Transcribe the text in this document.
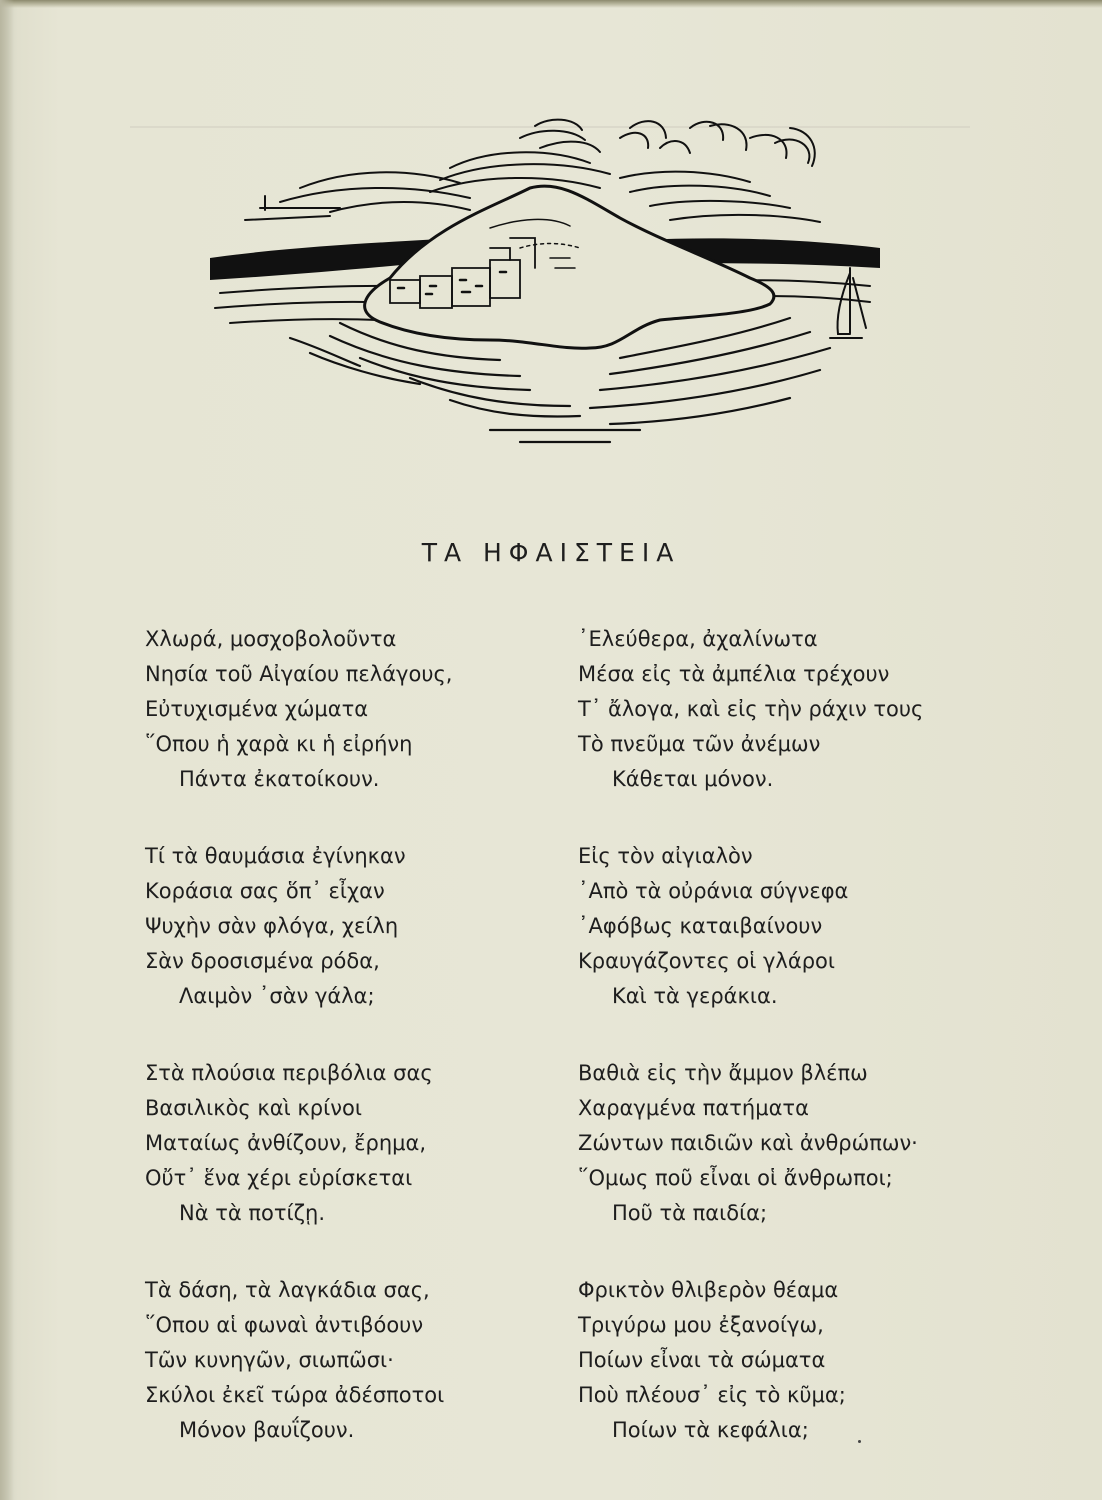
ΤΑ ΗΦΑΙΣΤΕΙΑ
Χλωρά, μοσχοβολοῦντα
Νησία τοῦ Αἰγαίου πελάγους,
Εὐτυχισμένα χώματα
῞Οπου ἡ χαρὰ κι ἡ εἰρήνη
Πάντα ἐκατοίκουν.
Τί τὰ θαυμάσια ἐγίνηκαν
Κοράσια σας ὅπ᾽ εἶχαν
Ψυχὴν σὰν φλόγα, χείλη
Σὰν δροσισμένα ρόδα,
Λαιμὸν ᾽σὰν γάλα;
Στὰ πλούσια περιβόλια σας
Βασιλικὸς καὶ κρίνοι
Ματαίως ἀνθίζουν, ἔρημα,
Οὔτ᾽ ἕνα χέρι εὑρίσκεται
Νὰ τὰ ποτίζῃ.
Τὰ δάση, τὰ λαγκάδια σας,
῞Οπου αἱ φωναὶ ἀντιβόουν
Τῶν κυνηγῶν, σιωπῶσι·
Σκύλοι ἐκεῖ τώρα ἀδέσποτοι
Μόνον βαυΐζουν.
᾽Ελεύθερα, ἀχαλίνωτα
Μέσα εἰς τὰ ἀμπέλια τρέχουν
Τ᾽ ἄλογα, καὶ εἰς τὴν ράχιν τους
Τὸ πνεῦμα τῶν ἀνέμων
Κάθεται μόνον.
Εἰς τὸν αἰγιαλὸν
᾽Απὸ τὰ οὐράνια σύγνεφα
᾽Αφόβως καταιβαίνουν
Κραυγάζοντες οἱ γλάροι
Καὶ τὰ γεράκια.
Βαθιὰ εἰς τὴν ἄμμον βλέπω
Χαραγμένα πατήματα
Ζώντων παιδιῶν καὶ ἀνθρώπων·
῞Ομως ποῦ εἶναι οἱ ἄνθρωποι;
Ποῦ τὰ παιδία;
Φρικτὸν θλιβερὸν θέαμα
Τριγύρω μου ἐξανοίγω,
Ποίων εἶναι τὰ σώματα
Ποὺ πλέουσ᾽ εἰς τὸ κῦμα;
Ποίων τὰ κεφάλια;
